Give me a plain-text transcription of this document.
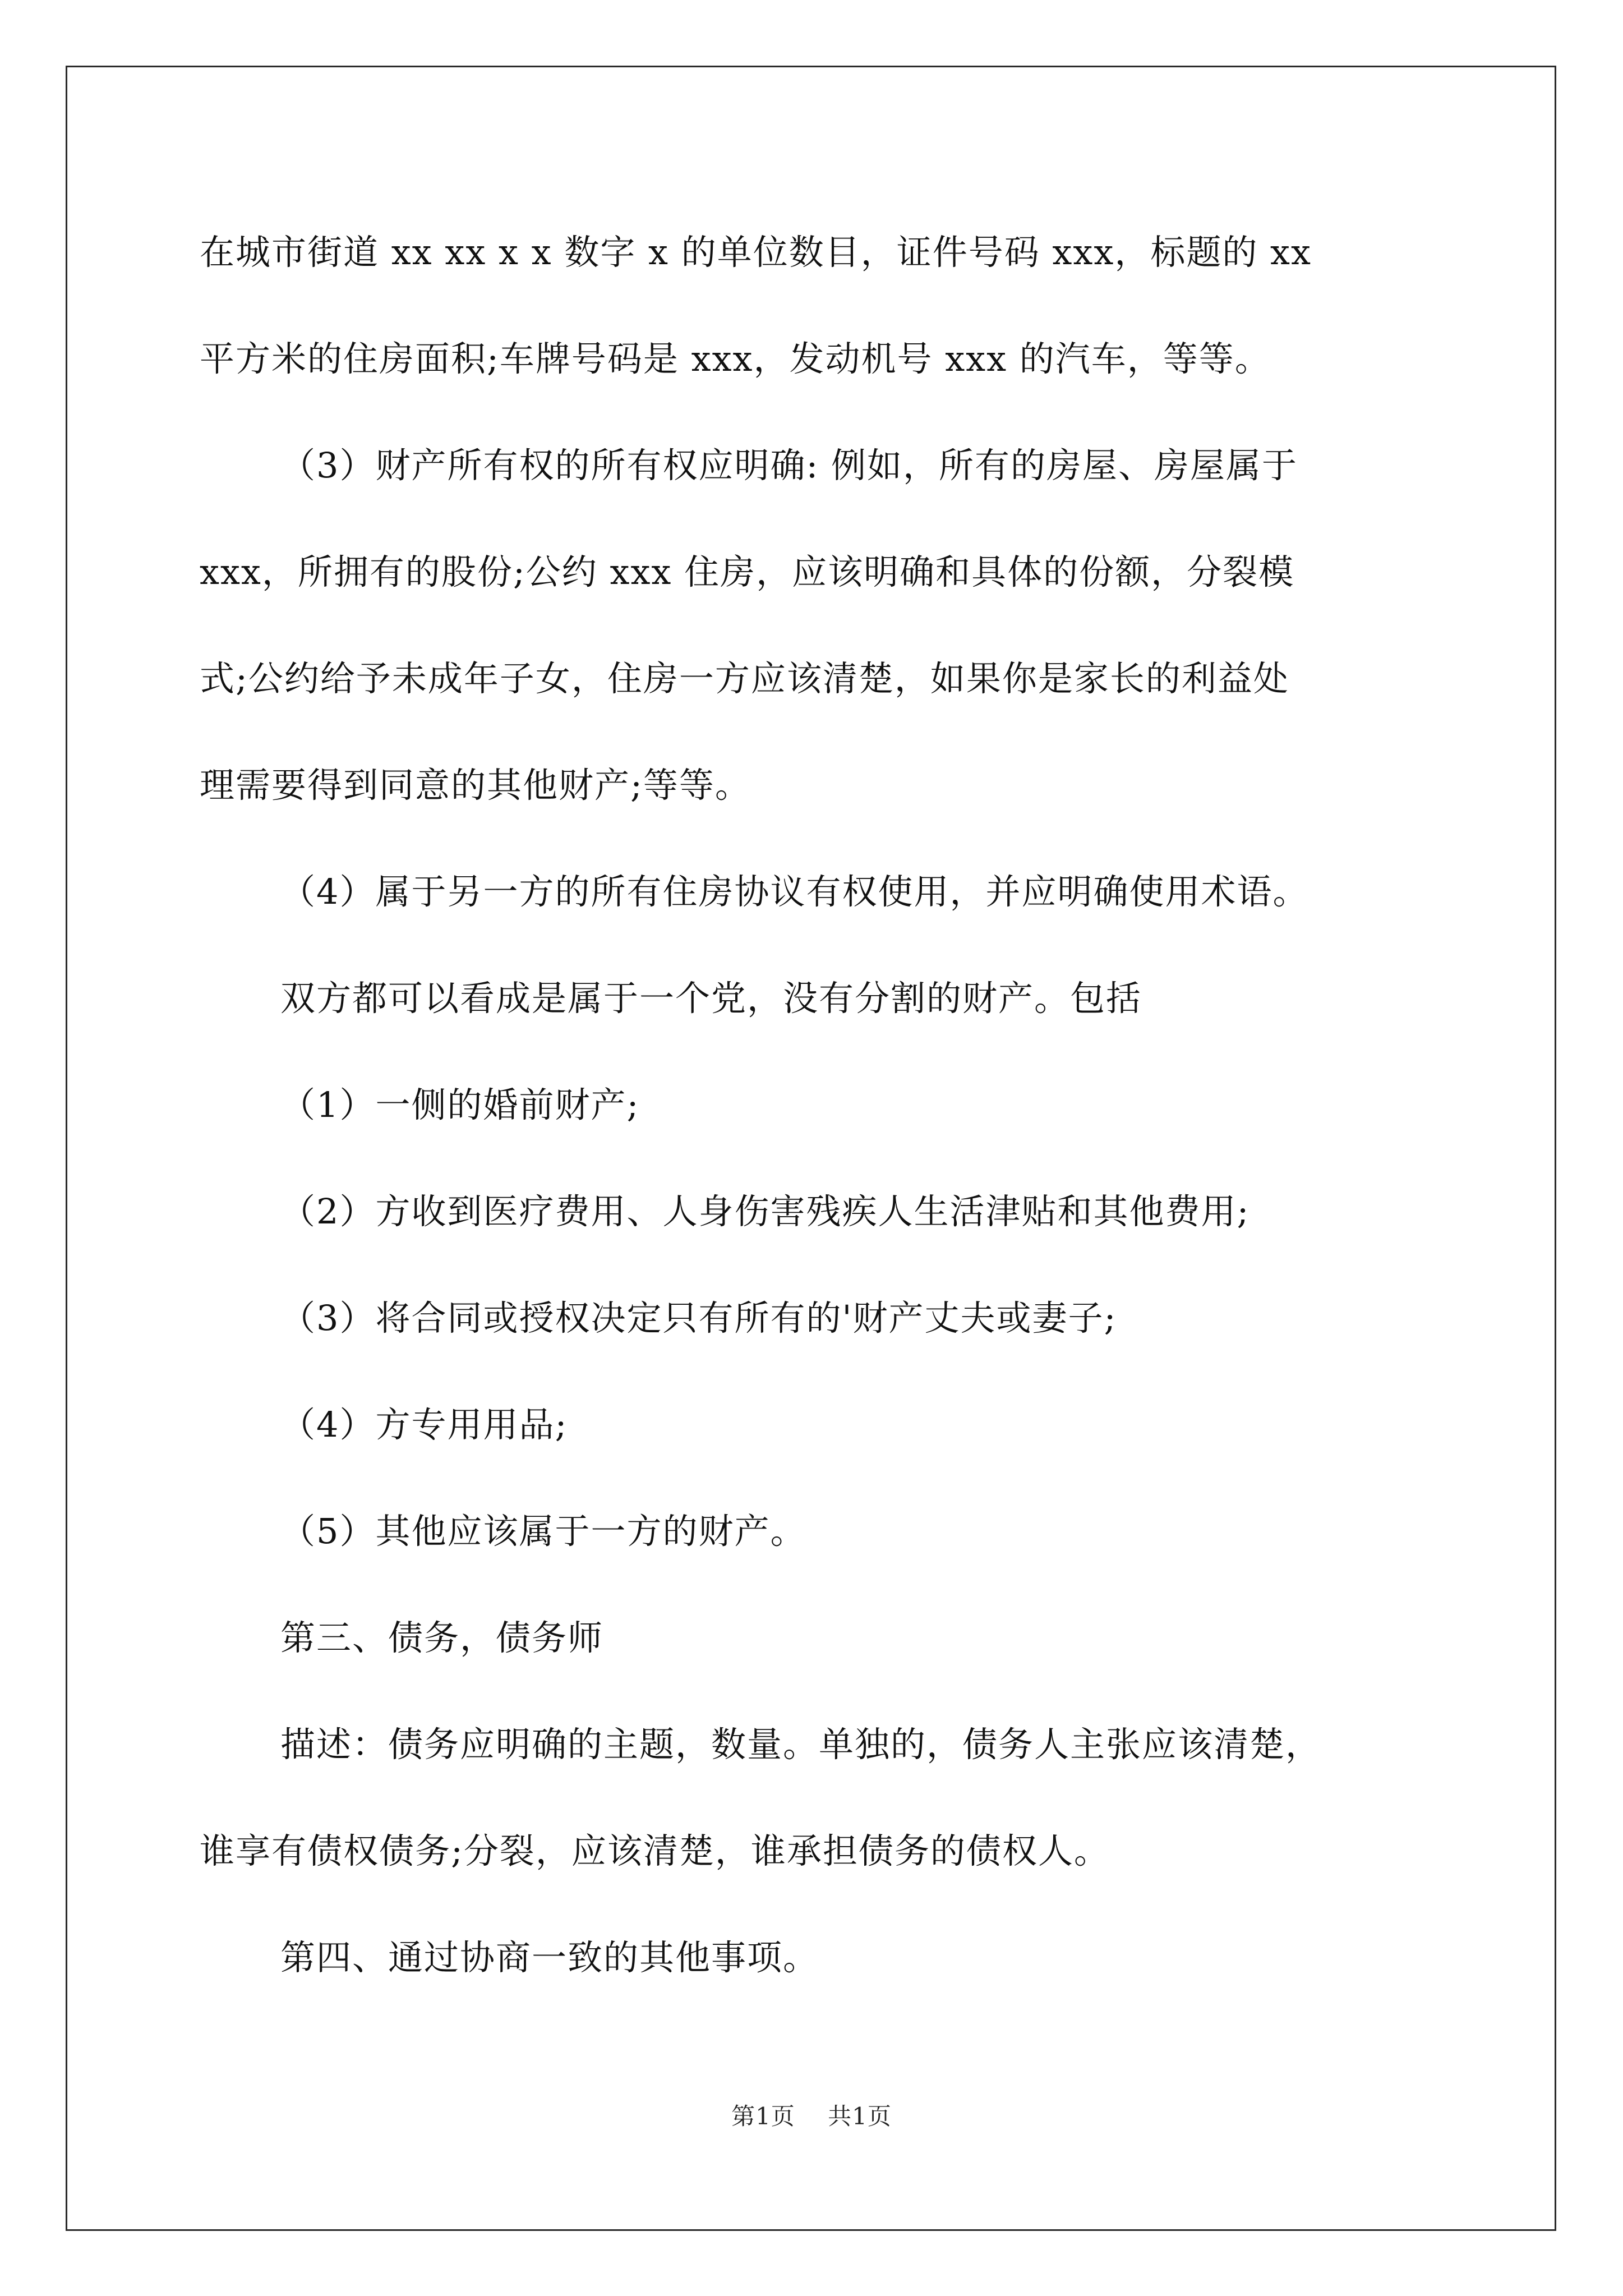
在城市街道 xx xx x x 数字 x 的单位数目，证件号码 xxx，标题的 xx

平方米的住房面积;车牌号码是 xxx，发动机号 xxx 的汽车，等等。

（3）财产所有权的所有权应明确: 例如，所有的房屋、房屋属于

xxx，所拥有的股份;公约 xxx 住房，应该明确和具体的份额，分裂模

式;公约给予未成年子女，住房一方应该清楚，如果你是家长的利益处

理需要得到同意的其他财产;等等。

（4）属于另一方的所有住房协议有权使用，并应明确使用术语。

双方都可以看成是属于一个党，没有分割的财产。包括

（1）一侧的婚前财产;

（2）方收到医疗费用、人身伤害残疾人生活津贴和其他费用;

（3）将合同或授权决定只有所有的'财产丈夫或妻子;

（4）方专用用品;

（5）其他应该属于一方的财产。

第三、债务，债务师

描述：债务应明确的主题，数量。单独的，债务人主张应该清楚，

谁享有债权债务;分裂，应该清楚，谁承担债务的债权人。

第四、通过协商一致的其他事项。

第1页 共1页
